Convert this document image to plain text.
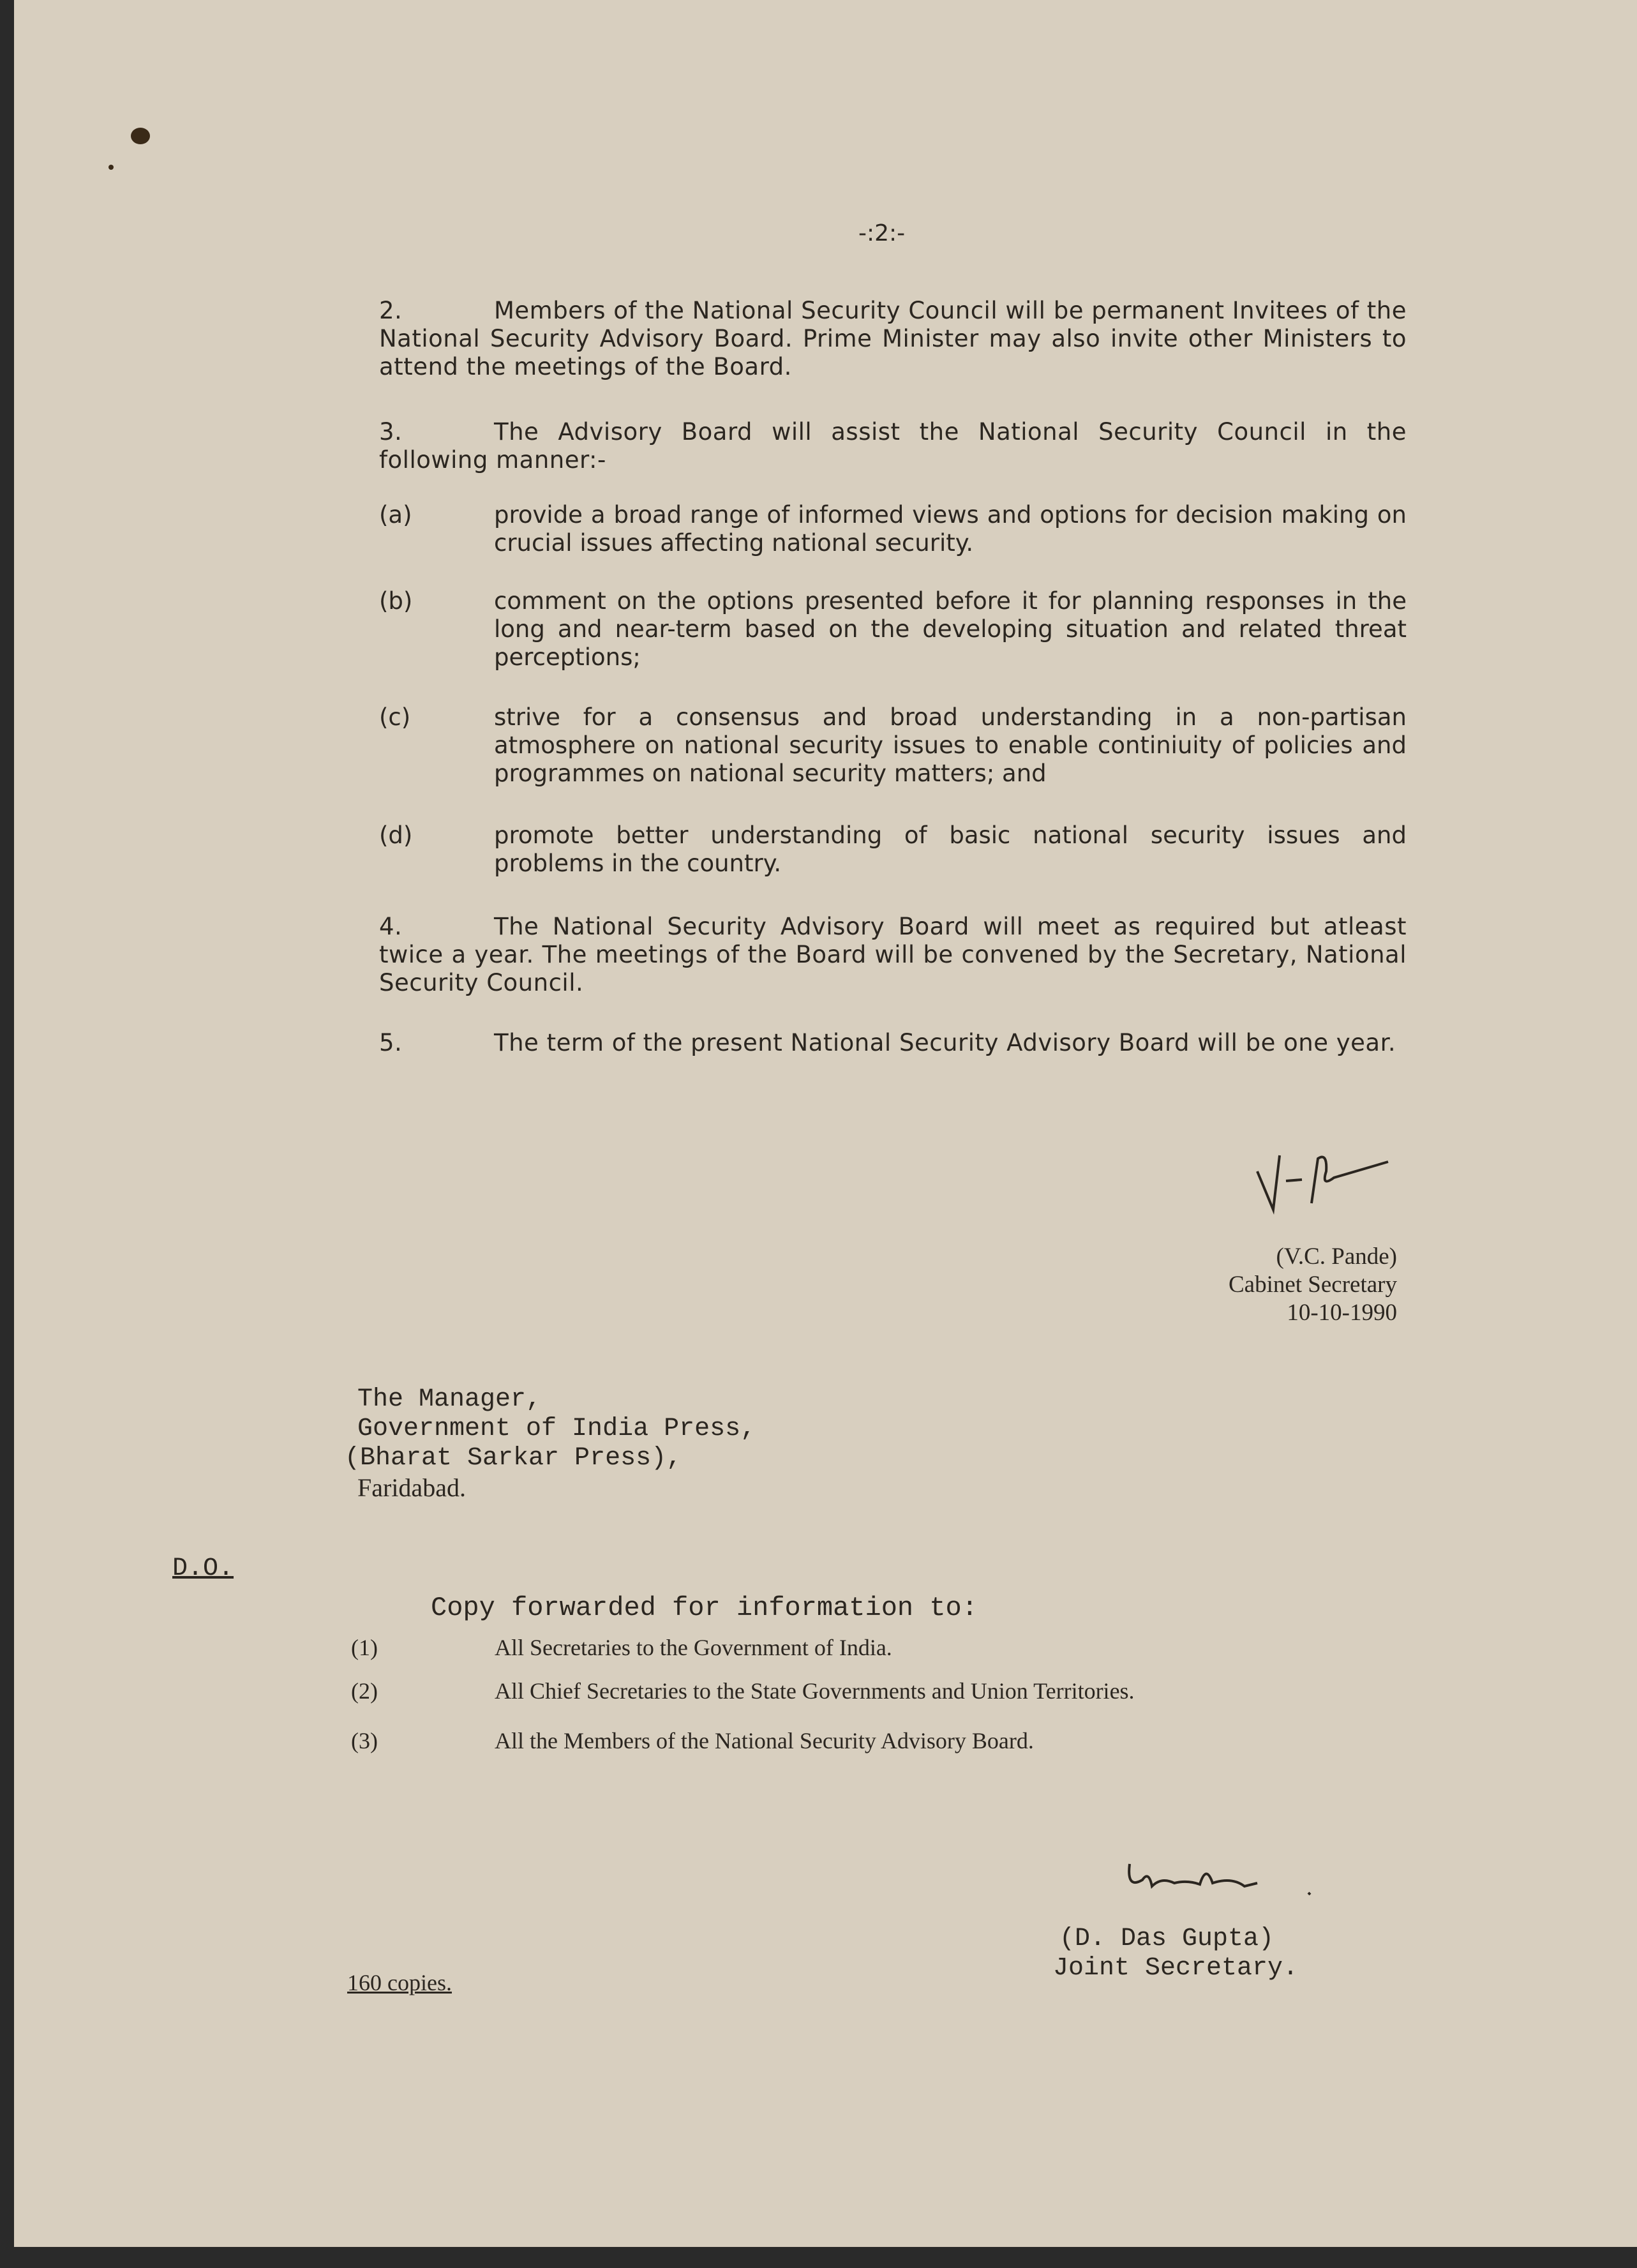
-:2:-
2.	Members of the National Security Council will be permanent Invitees of the National Security Advisory Board. Prime Minister may also invite other Ministers to attend the meetings of the Board.
3.	The Advisory Board will assist the National Security Council in the following manner:-
(a)	provide a broad range of informed views and options for decision making on crucial issues affecting national security.
(b)	comment on the options presented before it for planning responses in the long and near-term based on the developing situation and related threat perceptions;
(c)	strive for a consensus and broad understanding in a non-partisan atmosphere on national security issues to enable continiuity of policies and programmes on national security matters; and
(d)	promote better understanding of basic national security issues and problems in the country.
4.	The National Security Advisory Board will meet as required but atleast twice a year. The meetings of the Board will be convened by the Secretary, National Security Council.
5.	The term of the present National Security Advisory Board will be one year.
(V.C. Pande)
Cabinet Secretary
10-10-1990
The Manager,
Government of India Press,
(Bharat Sarkar Press),
Faridabad.
D.O.
Copy forwarded for information to:
(1)	All Secretaries to the Government of India.
(2)	All Chief Secretaries to the State Governments and Union Territories.
(3)	All the Members of the National Security Advisory Board.
(D. Das Gupta)
Joint Secretary.
160 copies.
